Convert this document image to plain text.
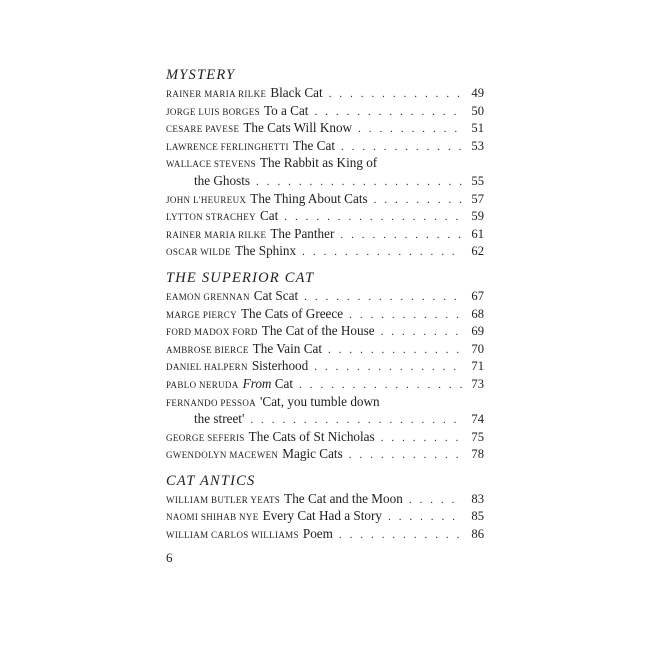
MYSTERY
RAINER MARIA RILKE Black Cat . . .	49
JORGE LUIS BORGES To a Cat . . .	50
CESARE PAVESE The Cats Will Know . . .	51
LAWRENCE FERLINGHETTI The Cat . . .	53
WALLACE STEVENS The Rabbit as King of
the Ghosts . . .	55
JOHN L'HEUREUX The Thing About Cats . . .	57
LYTTON STRACHEY Cat . . .	59
RAINER MARIA RILKE The Panther . . .	61
OSCAR WILDE The Sphinx . . .	62
THE SUPERIOR CAT
EAMON GRENNAN Cat Scat . . .	67
MARGE PIERCY The Cats of Greece . . .	68
FORD MADOX FORD The Cat of the House . . .	69
AMBROSE BIERCE The Vain Cat . . .	70
DANIEL HALPERN Sisterhood . . .	71
PABLO NERUDA From Cat . . .	73
FERNANDO PESSOA 'Cat, you tumble down
the street' . . .	74
GEORGE SEFERIS The Cats of St Nicholas . . .	75
GWENDOLYN MACEWEN Magic Cats . . .	78
CAT ANTICS
WILLIAM BUTLER YEATS The Cat and the Moon . . .	83
NAOMI SHIHAB NYE Every Cat Had a Story . . .	85
WILLIAM CARLOS WILLIAMS Poem . . .	86
6
